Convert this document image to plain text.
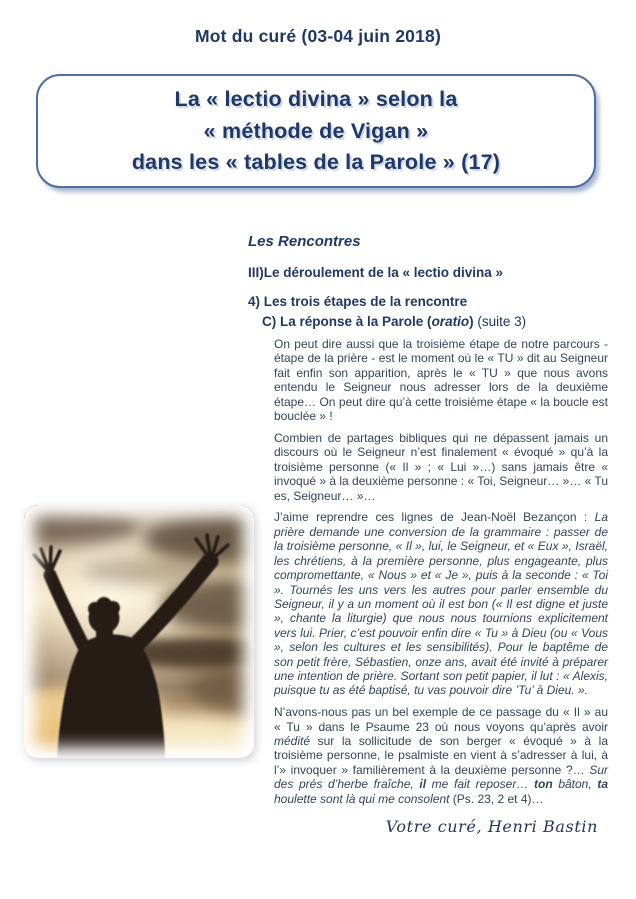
Mot du curé (03-04 juin 2018)
La « lectio divina » selon la
« méthode de Vigan »
dans les « tables de la Parole » (17)
Les Rencontres
III)Le déroulement de la « lectio divina »
4) Les trois étapes de la rencontre
C) La réponse à la Parole (oratio) (suite 3)

On peut dire aussi que la troisième étape de notre parcours - étape de la prière - est le moment où le « TU » dit au Seigneur fait enfin son apparition, après le « TU » que nous avons entendu le Seigneur nous adresser lors de la deuxième étape… On peut dire qu’à cette troisième étape « la boucle est bouclée » !

Combien de partages bibliques qui ne dépassent jamais un discours où le Seigneur n’est finalement « évoqué » qu’à la troisième personne (« Il » ; « Lui »…) sans jamais être « invoqué » à la deuxième personne : « Toi, Seigneur… »… « Tu es, Seigneur… »…

J’aime reprendre ces lignes de Jean-Noël Bezançon : La prière demande une conversion de la grammaire : passer de la troisième personne, « Il », lui, le Seigneur, et « Eux », Israël, les chrétiens, à la première personne, plus engageante, plus compromettante, « Nous » et « Je », puis à la seconde : « Toi ». Tournés les uns vers les autres pour parler ensemble du Seigneur, il y a un moment où il est bon (« Il est digne et juste », chante la liturgie) que nous nous tournions explicitement vers lui. Prier, c’est pouvoir enfin dire « Tu » à Dieu (ou « Vous », selon les cultures et les sensibilités). Pour le baptême de son petit frère, Sébastien, onze ans, avait été invité à préparer une intention de prière. Sortant son petit papier, il lut : « Alexis, puisque tu as été baptisé, tu vas pouvoir dire ’Tu’ à Dieu. ».

N’avons-nous pas un bel exemple de ce passage du « Il » au « Tu » dans le Psaume 23 où nous voyons qu’après avoir médité sur la sollicitude de son berger « évoqué » à la troisième personne, le psalmiste en vient à s’adresser à lui, à l’» invoquer » familièrement à la deuxième personne ?… Sur des prés d’herbe fraîche, il me fait reposer… ton bâton, ta houlette sont là qui me consolent (Ps. 23, 2 et 4)…

Votre curé, Henri Bastin
